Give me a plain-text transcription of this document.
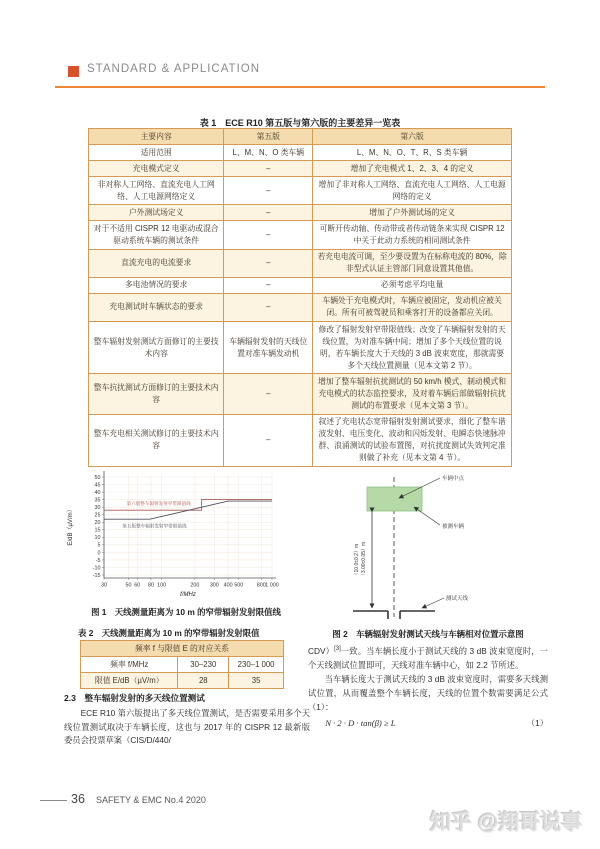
STANDARD & APPLICATION
表 1　ECE R10 第五版与第六版的主要差异一览表
主要内容	第五版	第六版
适用范围	L、M、N、O 类车辆	L、M、N、O、T、R、S 类车辆
充电模式定义	–	增加了充电模式 1、2、3、4 的定义
非对称人工网络、直流充电人工网络、人工电源网络定义	–	增加了非对称人工网络、直流充电人工网络、人工电源网络的定义
户外测试场定义	–	增加了户外测试场的定义
对于不适用 CISPR 12 电驱动或混合驱动系统车辆的测试条件	–	可断开传动轴、传动带或者传动链条来实现 CISPR 12 中关于此动力系统的相同测试条件
直流充电的电流要求	–	若充电电流可调，至少要设置为在标称电流的 80%，除非型式认证主管部门同意设置其他值。
多电池情况的要求	–	必须考虑平均电量
充电测试时车辆状态的要求	–	车辆处于充电模式时，车辆应被固定，发动机应被关闭。所有可被驾驶员和乘客打开的设备都应关闭。
整车辐射发射测试方面修订的主要技术内容	车辆辐射发射的天线位置对准车辆发动机	修改了辐射发射窄带限值线；改变了车辆辐射发射的天线位置，为对准车辆中间；增加了多个天线位置的说明，若车辆长度大于天线的 3 dB 波束宽度，那就需要多个天线位置测量（见本文第 2 节）。
整车抗扰测试方面修订的主要技术内容	–	增加了整车辐射抗扰测试的 50 km/h 模式、制动模式和充电模式的状态监控要求，及对着车辆后部做辐射抗扰测试的布置要求（见本文第 3 节）。
整车充电相关测试修订的主要技术内容	–	叙述了充电状态宽带辐射发射测试要求，细化了整车谐波发射、电压变化、波动和闪烁发射、电瞬态快速脉冲群、浪涌测试的试验布置图，对抗扰度测试失效判定准则做了补充（见本文第 4 节）。
50
45
40
35
30
25
20
15
10
5
0
-5
-10
-15
30	50 60 80 100	200 300 400 500	800 1 000
第六版整车辐射发射窄带限值线
第五版整车辐射发射窄带限值线
f/MHz
E/dB（µV/m）
图 1　天线测量距离为 10 m 的窄带辐射发射限值线
表 2　天线测量距离为 10 m 的窄带辐射发射限值
频率 f 与限值 E 的对应关系		
频率 f/MHz	30–230	230–1 000
限值 E/dB（µV/m）	28	35
2.3　整车辐射发射的多天线位置测试

ECE R10 第六版提出了多天线位置测试，是否需要采用多个天线位置测试取决于车辆长度，这也与 2017 年的 CISPR 12 最新版委员会投票草案（CIS/D/440/

（10.0±0.2）m （3.00±0.05）m
车辆中点
被测车辆
测试天线
图 2　车辆辐射发射测试天线与车辆相对位置示意图

CDV）[3]一致。当车辆长度小于测试天线的 3 dB 波束宽度时，一个天线测试位置即可，天线对准车辆中心，如 2.2 节所述。

当车辆长度大于测试天线的 3 dB 波束宽度时，需要多天线测试位置，从而覆盖整个车辆长度，天线的位置个数需要满足公式（1）：

N · 2 · D · tan(β) ≥ L	（1）
36 SAFETY & EMC No.4 2020
知乎 @翔哥说事
